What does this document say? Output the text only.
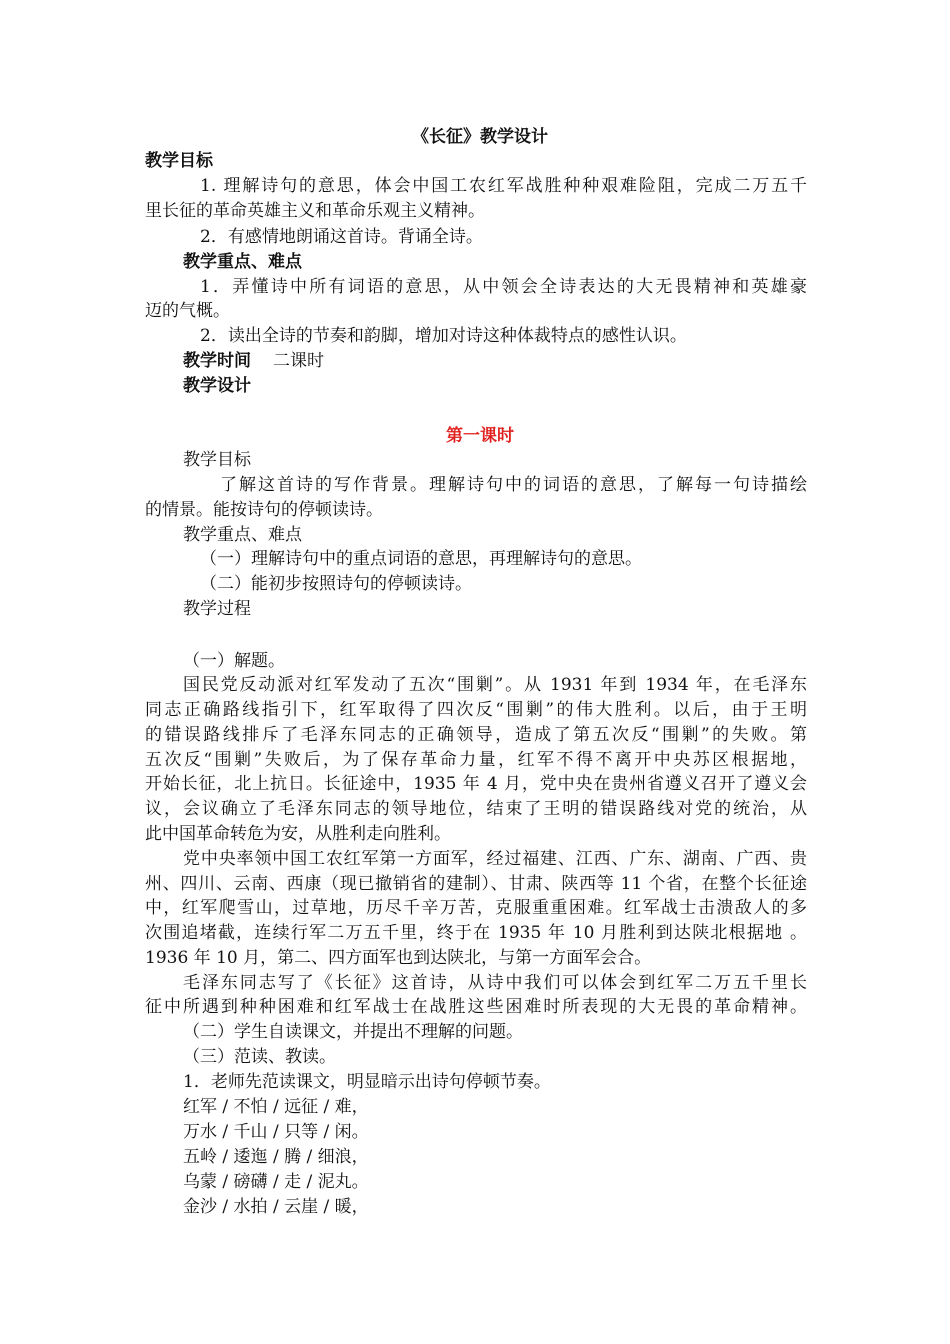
《长征》教学设计
教学目标
1. 理解诗句的意思，体会中国工农红军战胜种种艰难险阻，完成二万五千
里长征的革命英雄主义和革命乐观主义精神。
2．有感情地朗诵这首诗。背诵全诗。
教学重点、难点
1．弄懂诗中所有词语的意思，从中领会全诗表达的大无畏精神和英雄豪
迈的气概。
2．读出全诗的节奏和韵脚，增加对诗这种体裁特点的感性认识。
教学时间 二课时
教学设计
第一课时
教学目标
了解这首诗的写作背景。理解诗句中的词语的意思，了解每一句诗描绘
的情景。能按诗句的停顿读诗。
教学重点、难点
（一）理解诗句中的重点词语的意思，再理解诗句的意思。
（二）能初步按照诗句的停顿读诗。
教学过程
（一）解题。
国民党反动派对红军发动了五次“围剿”。从 1931 年到 1934 年，在毛泽东
同志正确路线指引下，红军取得了四次反“围剿”的伟大胜利。以后，由于王明
的错误路线排斥了毛泽东同志的正确领导，造成了第五次反“围剿”的失败。第
五次反“围剿”失败后，为了保存革命力量，红军不得不离开中央苏区根据地，
开始长征，北上抗日。长征途中，1935 年 4 月，党中央在贵州省遵义召开了遵义会
议，会议确立了毛泽东同志的领导地位，结束了王明的错误路线对党的统治，从
此中国革命转危为安，从胜利走向胜利。
党中央率领中国工农红军第一方面军，经过福建、江西、广东、湖南、广西、贵
州、四川、云南、西康（现已撤销省的建制）、甘肃、陕西等 11 个省，在整个长征途
中，红军爬雪山，过草地，历尽千辛万苦，克服重重困难。红军战士击溃敌人的多
次围追堵截，连续行军二万五千里，终于在 1935 年 10 月胜利到达陕北根据地 。
1936 年 10 月，第二、四方面军也到达陕北，与第一方面军会合。
毛泽东同志写了《长征》这首诗，从诗中我们可以体会到红军二万五千里长
征中所遇到种种困难和红军战士在战胜这些困难时所表现的大无畏的革命精神。
（二）学生自读课文，并提出不理解的问题。
（三）范读、教读。
1．老师先范读课文，明显暗示出诗句停顿节奏。
红军 / 不怕 / 远征 / 难，
万水 / 千山 / 只等 / 闲。
五岭 / 逶迤 / 腾 / 细浪，
乌蒙 / 磅礴 / 走 / 泥丸。
金沙 / 水拍 / 云崖 / 暖，
